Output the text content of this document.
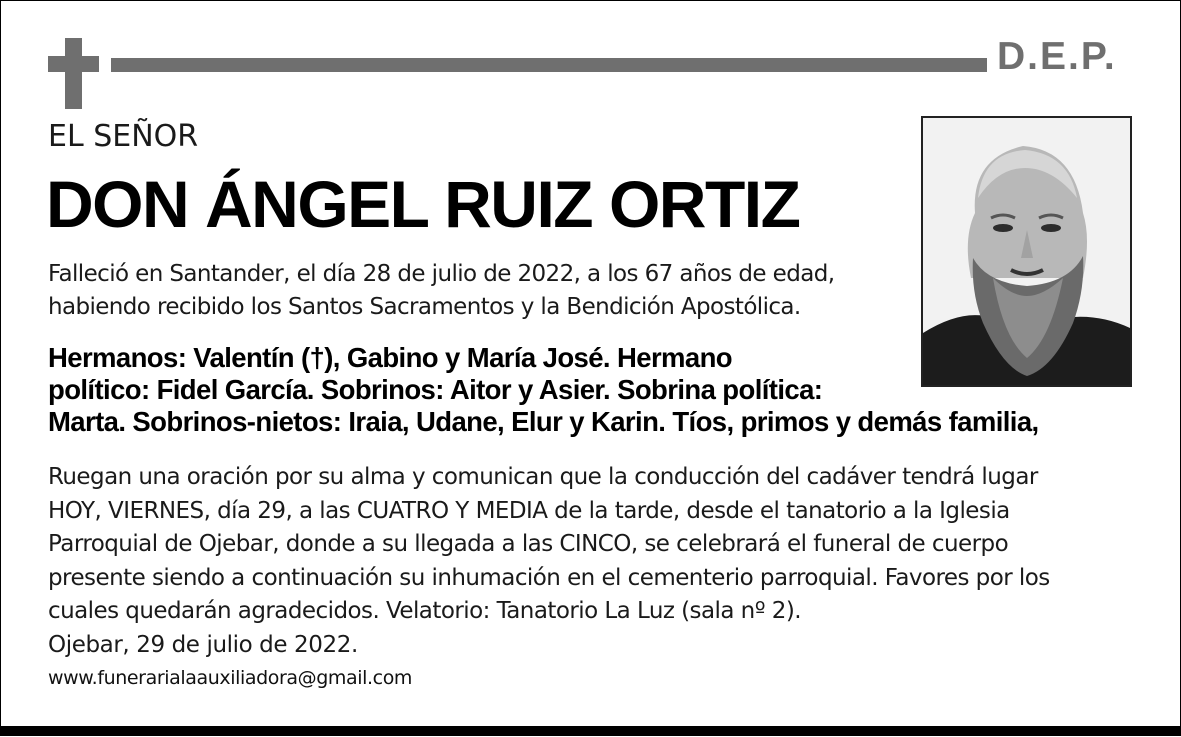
D.E.P.
EL SEÑOR
DON ÁNGEL RUIZ ORTIZ
Falleció en Santander, el día 28 de julio de 2022, a los 67 años de edad,
habiendo recibido los Santos Sacramentos y la Bendición Apostólica.
Hermanos: Valentín (†), Gabino y María José. Hermano
político: Fidel García. Sobrinos: Aitor y Asier. Sobrina política:
Marta. Sobrinos-nietos: Iraia, Udane, Elur y Karin. Tíos, primos y demás familia,
Ruegan una oración por su alma y comunican que la conducción del cadáver tendrá lugar
HOY, VIERNES, día 29, a las CUATRO Y MEDIA de la tarde, desde el tanatorio a la Iglesia
Parroquial de Ojebar, donde a su llegada a las CINCO, se celebrará el funeral de cuerpo
presente siendo a continuación su inhumación en el cementerio parroquial. Favores por los
cuales quedarán agradecidos. Velatorio: Tanatorio La Luz (sala nº 2).
Ojebar, 29 de julio de 2022.
www.funerarialaauxiliadora@gmail.com
